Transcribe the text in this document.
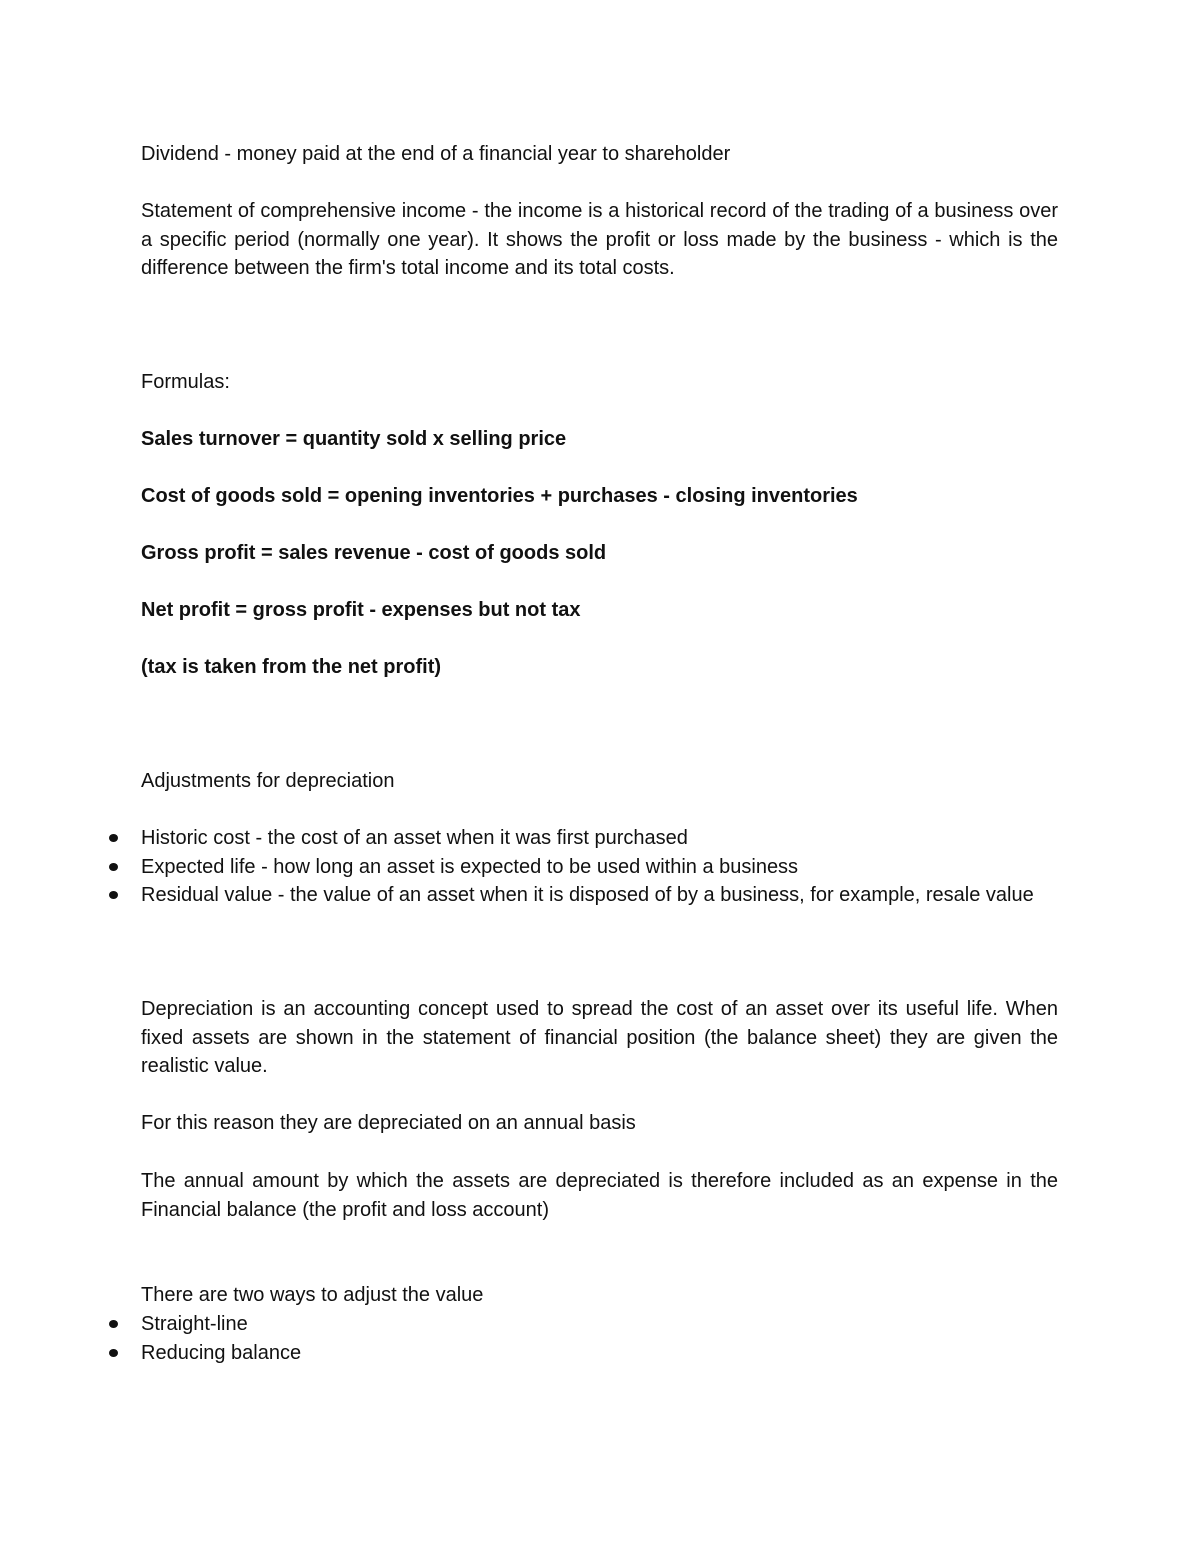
Dividend - money paid at the end of a financial year to shareholder
Statement of comprehensive income - the income is a historical record of the trading of a business over a specific period (normally one year). It shows the profit or loss made by the business - which is the difference between the firm's total income and its total costs.
Formulas:
Sales turnover = quantity sold x selling price
Cost of goods sold = opening inventories + purchases - closing inventories
Gross profit = sales revenue - cost of goods sold
Net profit = gross profit - expenses but not tax
(tax is taken from the net profit)
Adjustments for depreciation
Historic cost - the cost of an asset when it was first purchased
Expected life - how long an asset is expected to be used within a business
Residual value - the value of an asset when it is disposed of by a business, for example, resale value
Depreciation is an accounting concept used to spread the cost of an asset over its useful life. When fixed assets are shown in the statement of financial position (the balance sheet) they are given the realistic value.
For this reason they are depreciated on an annual basis
The annual amount by which the assets are depreciated is therefore included as an expense in the Financial balance (the profit and loss account)
There are two ways to adjust the value
Straight-line
Reducing balance
